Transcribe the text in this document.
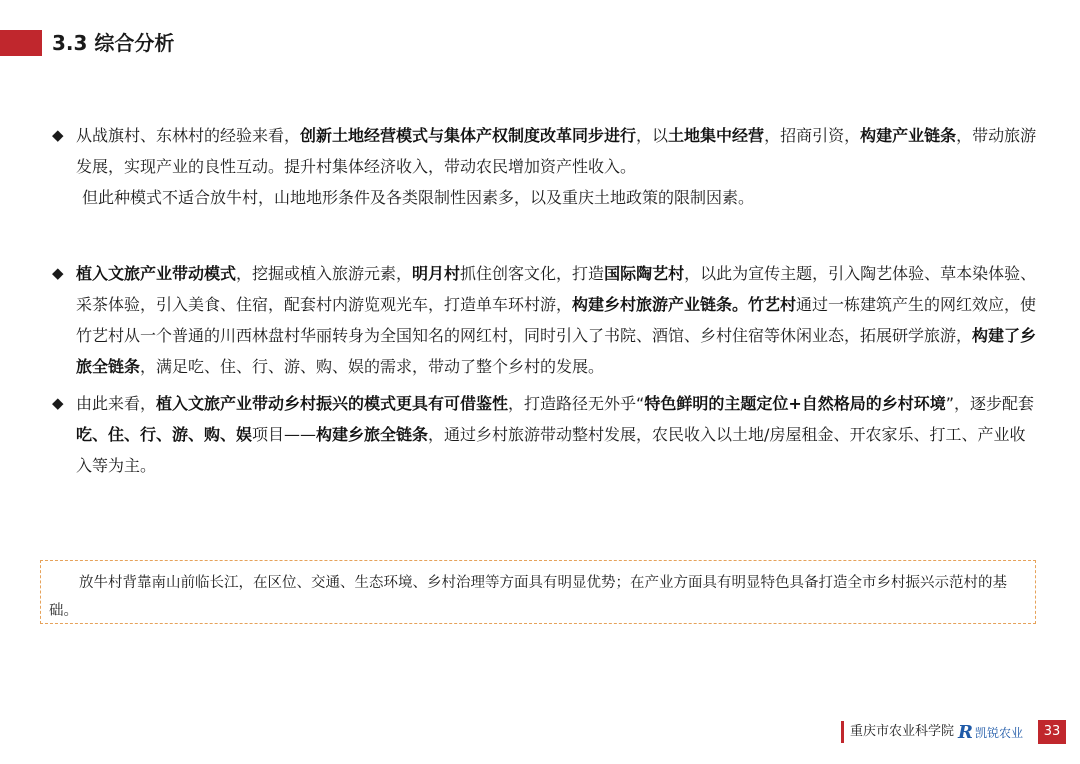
3.3 综合分析

◆ 从战旗村、东林村的经验来看，创新土地经营模式与集体产权制度改革同步进行，以土地集中经营，招商引资，构建产业链条，带动旅游发展，实现产业的良性互动。提升村集体经济收入，带动农民增加资产性收入。

但此种模式不适合放牛村，山地地形条件及各类限制性因素多，以及重庆土地政策的限制因素。

◆ 植入文旅产业带动模式，挖掘或植入旅游元素，明月村抓住创客文化，打造国际陶艺村，以此为宣传主题，引入陶艺体验、草本染体验、采茶体验，引入美食、住宿，配套村内游览观光车，打造单车环村游，构建乡村旅游产业链条。竹艺村通过一栋建筑产生的网红效应，使竹艺村从一个普通的川西林盘村华丽转身为全国知名的网红村，同时引入了书院、酒馆、乡村住宿等休闲业态，拓展研学旅游，构建了乡旅全链条，满足吃、住、行、游、购、娱的需求，带动了整个乡村的发展。

◆ 由此来看，植入文旅产业带动乡村振兴的模式更具有可借鉴性，打造路径无外乎“特色鲜明的主题定位+自然格局的乡村环境”，逐步配套吃、住、行、游、购、娱项目——构建乡旅全链条，通过乡村旅游带动整村发展，农民收入以土地/房屋租金、开农家乐、打工、产业收入等为主。

放牛村背靠南山前临长江，在区位、交通、生态环境、乡村治理等方面具有明显优势；在产业方面具有明显特色具备打造全市乡村振兴示范村的基础。

重庆市农业科学院 R 凯锐农业	33
